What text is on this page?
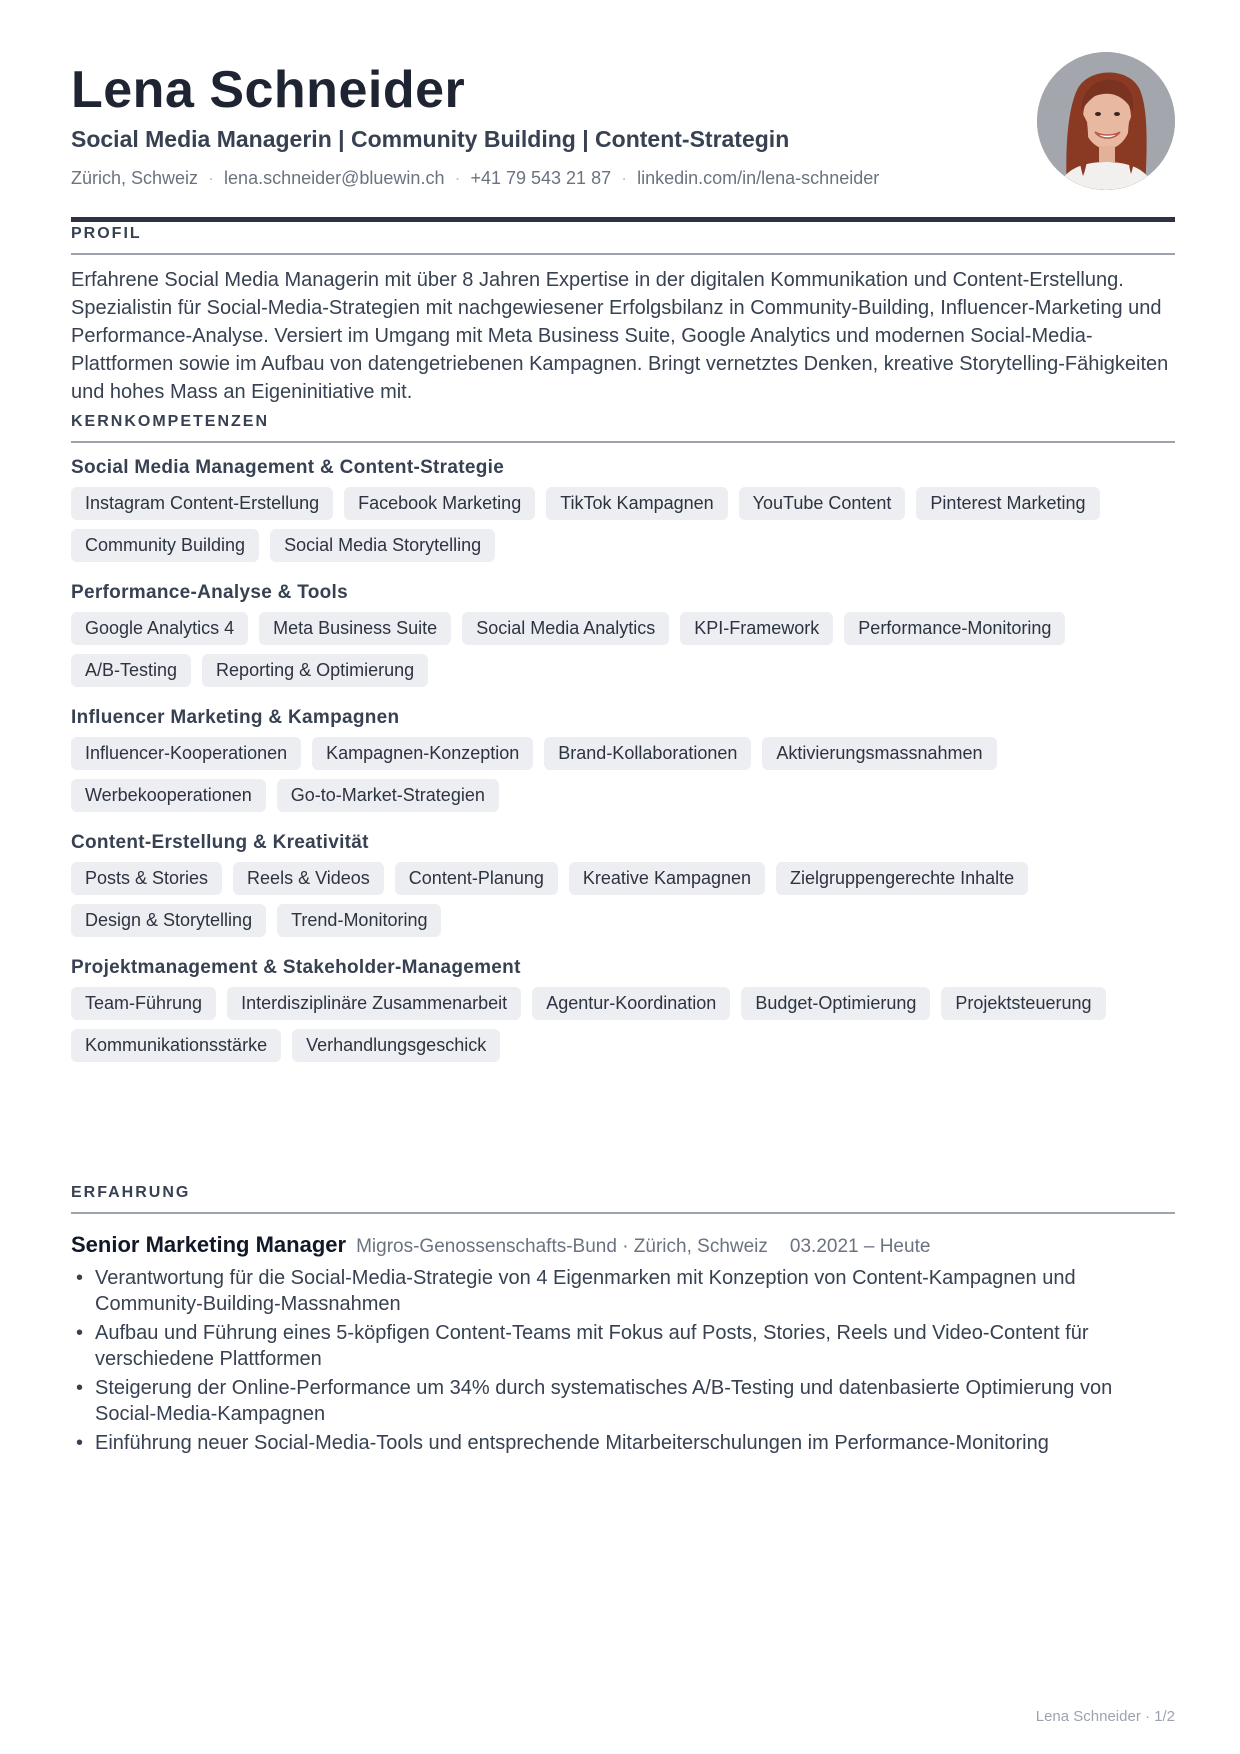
Lena Schneider
Social Media Managerin | Community Building | Content-Strategin
Zürich, Schweiz · lena.schneider@bluewin.ch · +41 79 543 21 87 · linkedin.com/in/lena-schneider
PROFIL
Erfahrene Social Media Managerin mit über 8 Jahren Expertise in der digitalen Kommunikation und Content-Erstellung. Spezialistin für Social-Media-Strategien mit nachgewiesener Erfolgsbilanz in Community-Building, Influencer-Marketing und Performance-Analyse. Versiert im Umgang mit Meta Business Suite, Google Analytics und modernen Social-Media-Plattformen sowie im Aufbau von datengetriebenen Kampagnen. Bringt vernetztes Denken, kreative Storytelling-Fähigkeiten und hohes Mass an Eigeninitiative mit.
KERNKOMPETENZEN
Social Media Management & Content-Strategie
Instagram Content-Erstellung	Facebook Marketing	TikTok Kampagnen	YouTube Content	Pinterest Marketing
Community Building	Social Media Storytelling
Performance-Analyse & Tools
Google Analytics 4	Meta Business Suite	Social Media Analytics	KPI-Framework	Performance-Monitoring
A/B-Testing	Reporting & Optimierung
Influencer Marketing & Kampagnen
Influencer-Kooperationen	Kampagnen-Konzeption	Brand-Kollaborationen	Aktivierungsmassnahmen
Werbekooperationen	Go-to-Market-Strategien
Content-Erstellung & Kreativität
Posts & Stories	Reels & Videos	Content-Planung	Kreative Kampagnen	Zielgruppengerechte Inhalte
Design & Storytelling	Trend-Monitoring
Projektmanagement & Stakeholder-Management
Team-Führung	Interdisziplinäre Zusammenarbeit	Agentur-Koordination	Budget-Optimierung	Projektsteuerung
Kommunikationsstärke	Verhandlungsgeschick
ERFAHRUNG
Senior Marketing Manager Migros-Genossenschafts-Bund · Zürich, Schweiz 03.2021 – Heute
• Verantwortung für die Social-Media-Strategie von 4 Eigenmarken mit Konzeption von Content-Kampagnen und Community-Building-Massnahmen
• Aufbau und Führung eines 5-köpfigen Content-Teams mit Fokus auf Posts, Stories, Reels und Video-Content für verschiedene Plattformen
• Steigerung der Online-Performance um 34% durch systematisches A/B-Testing und datenbasierte Optimierung von Social-Media-Kampagnen
• Einführung neuer Social-Media-Tools und entsprechende Mitarbeiterschulungen im Performance-Monitoring
Lena Schneider · 1/2
